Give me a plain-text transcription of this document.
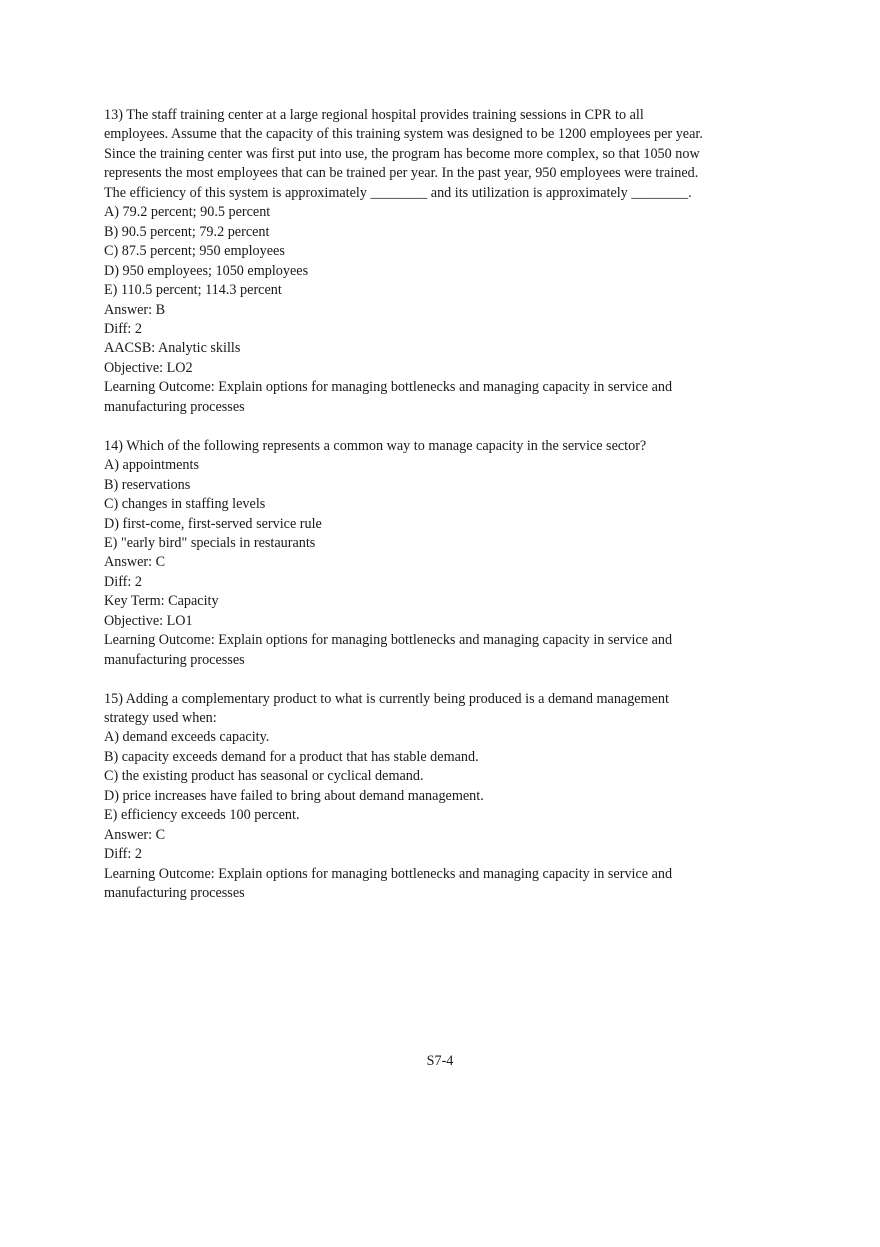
13) The staff training center at a large regional hospital provides training sessions in CPR to all
employees. Assume that the capacity of this training system was designed to be 1200 employees per year.
Since the training center was first put into use, the program has become more complex, so that 1050 now
represents the most employees that can be trained per year. In the past year, 950 employees were trained.
The efficiency of this system is approximately ________ and its utilization is approximately ________.
A) 79.2 percent; 90.5 percent
B) 90.5 percent; 79.2 percent
C) 87.5 percent; 950 employees
D) 950 employees; 1050 employees
E) 110.5 percent; 114.3 percent
Answer: B
Diff: 2
AACSB: Analytic skills
Objective: LO2
Learning Outcome: Explain options for managing bottlenecks and managing capacity in service and
manufacturing processes
14) Which of the following represents a common way to manage capacity in the service sector?
A) appointments
B) reservations
C) changes in staffing levels
D) first-come, first-served service rule
E) "early bird" specials in restaurants
Answer: C
Diff: 2
Key Term: Capacity
Objective: LO1
Learning Outcome: Explain options for managing bottlenecks and managing capacity in service and
manufacturing processes
15) Adding a complementary product to what is currently being produced is a demand management
strategy used when:
A) demand exceeds capacity.
B) capacity exceeds demand for a product that has stable demand.
C) the existing product has seasonal or cyclical demand.
D) price increases have failed to bring about demand management.
E) efficiency exceeds 100 percent.
Answer: C
Diff: 2
Learning Outcome: Explain options for managing bottlenecks and managing capacity in service and
manufacturing processes
S7-4
